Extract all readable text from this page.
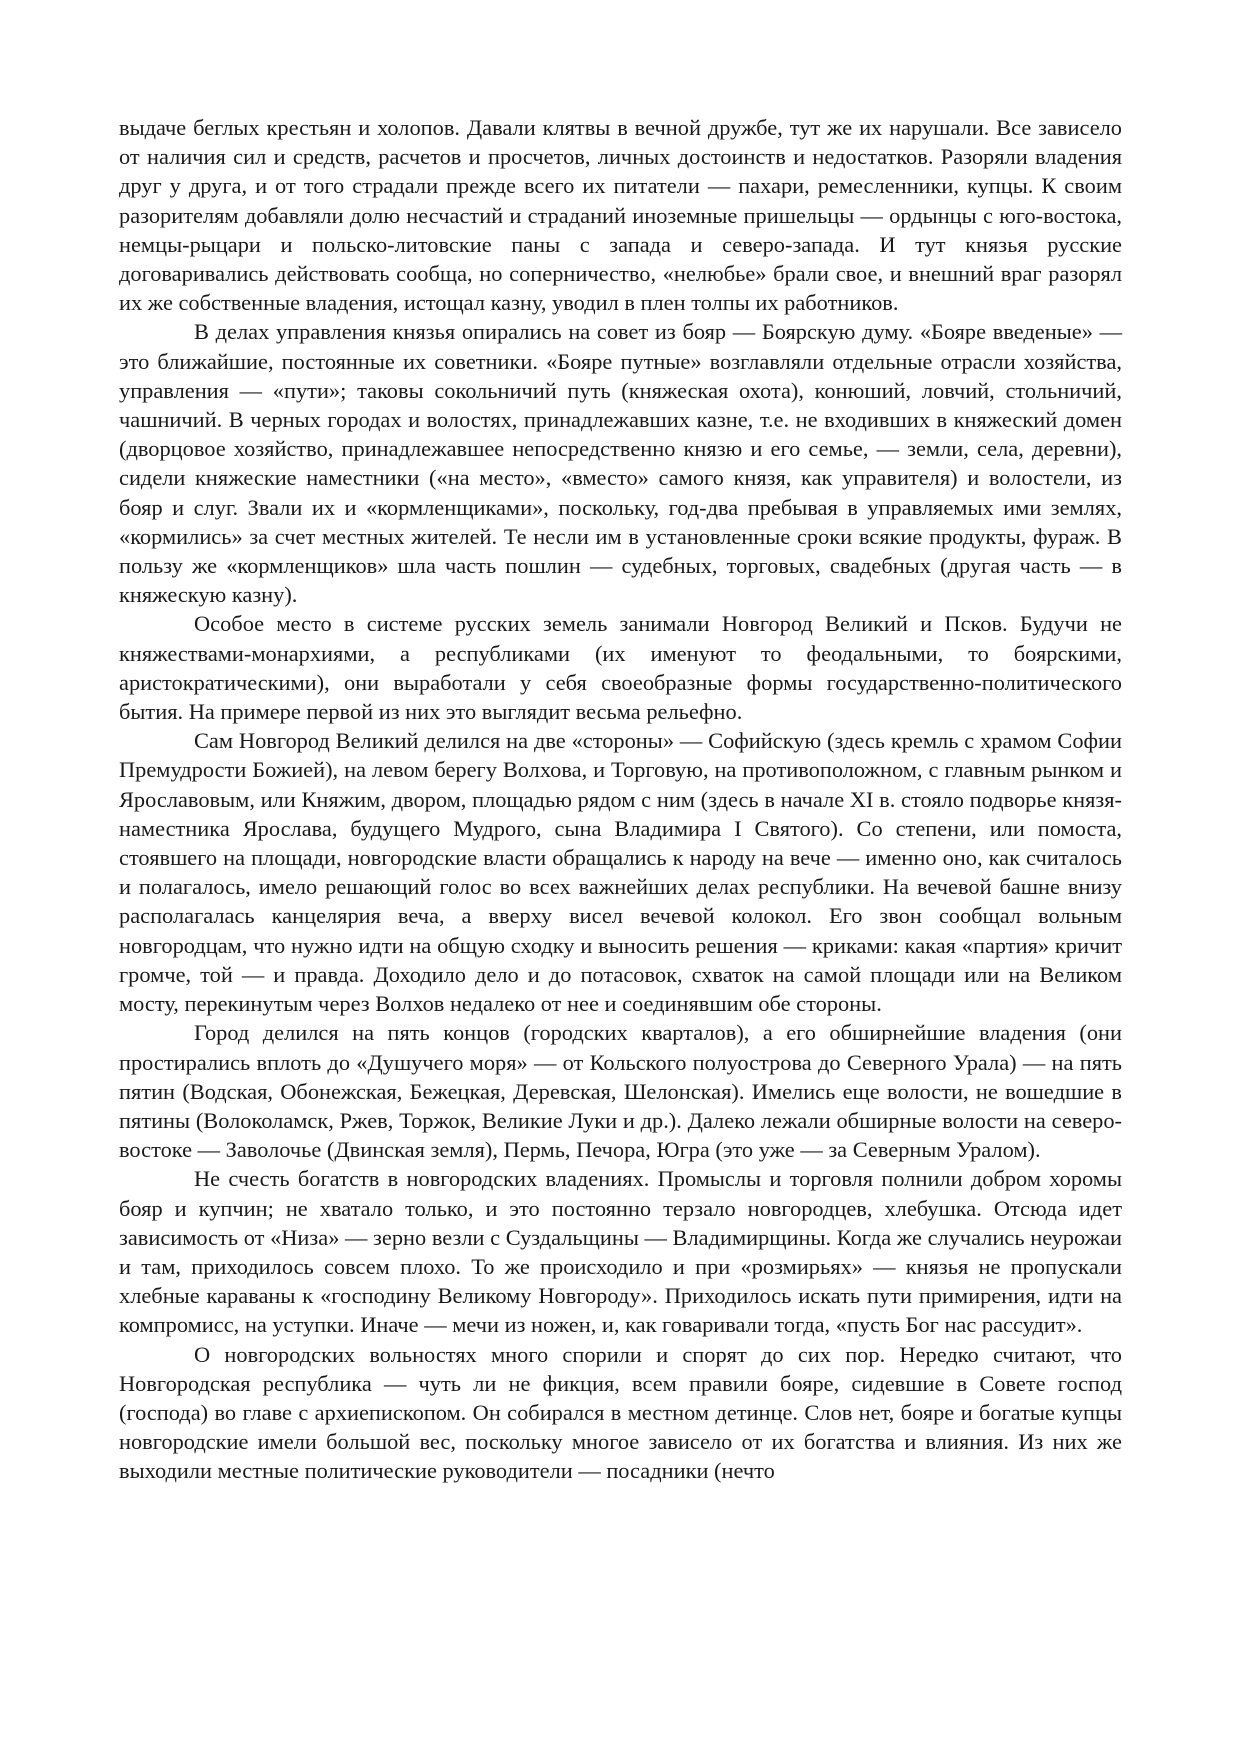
выдаче беглых крестьян и холопов. Давали клятвы в вечной дружбе, тут же их нарушали. Все зависело от наличия сил и средств, расчетов и просчетов, личных достоинств и недостатков. Разоряли владения друг у друга, и от того страдали прежде всего их питатели — пахари, ремесленники, купцы. К своим разорителям добавляли долю несчастий и страданий иноземные пришельцы — ордынцы с юго-востока, немцы-рыцари и польско-литовские паны с запада и северо-запада. И тут князья русские договаривались действовать сообща, но соперничество, «нелюбье» брали свое, и внешний враг разорял их же собственные владения, истощал казну, уводил в плен толпы их работников.

В делах управления князья опирались на совет из бояр — Боярскую думу. «Бояре введеные» — это ближайшие, постоянные их советники. «Бояре путные» возглавляли отдельные отрасли хозяйства, управления — «пути»; таковы сокольничий путь (княжеская охота), конюший, ловчий, стольничий, чашничий. В черных городах и волостях, принадлежавших казне, т.е. не входивших в княжеский домен (дворцовое хозяйство, принадлежавшее непосредственно князю и его семье, — земли, села, деревни), сидели княжеские наместники («на место», «вместо» самого князя, как управителя) и волостели, из бояр и слуг. Звали их и «кормленщиками», поскольку, год-два пребывая в управляемых ими землях, «кормились» за счет местных жителей. Те несли им в установленные сроки всякие продукты, фураж. В пользу же «кормленщиков» шла часть пошлин — судебных, торговых, свадебных (другая часть — в княжескую казну).

Особое место в системе русских земель занимали Новгород Великий и Псков. Будучи не княжествами-монархиями, а республиками (их именуют то феодальными, то боярскими, аристократическими), они выработали у себя своеобразные формы государственно-политического бытия. На примере первой из них это выглядит весьма рельефно.

Сам Новгород Великий делился на две «стороны» — Софийскую (здесь кремль с храмом Софии Премудрости Божией), на левом берегу Волхова, и Торговую, на противоположном, с главным рынком и Ярославовым, или Княжим, двором, площадью рядом с ним (здесь в начале XI в. стояло подворье князя-наместника Ярослава, будущего Мудрого, сына Владимира I Святого). Со степени, или помоста, стоявшего на площади, новгородские власти обращались к народу на вече — именно оно, как считалось и полагалось, имело решающий голос во всех важнейших делах республики. На вечевой башне внизу располагалась канцелярия веча, а вверху висел вечевой колокол. Его звон сообщал вольным новгородцам, что нужно идти на общую сходку и выносить решения — криками: какая «партия» кричит громче, той — и правда. Доходило дело и до потасовок, схваток на самой площади или на Великом мосту, перекинутым через Волхов недалеко от нее и соединявшим обе стороны.

Город делился на пять концов (городских кварталов), а его обширнейшие владения (они простирались вплоть до «Душучего моря» — от Кольского полуострова до Северного Урала) — на пять пятин (Водская, Обонежская, Бежецкая, Деревская, Шелонская). Имелись еще волости, не вошедшие в пятины (Волоколамск, Ржев, Торжок, Великие Луки и др.). Далеко лежали обширные волости на северо-востоке — Заволочье (Двинская земля), Пермь, Печора, Югра (это уже — за Северным Уралом).

Не счесть богатств в новгородских владениях. Промыслы и торговля полнили добром хоромы бояр и купчин; не хватало только, и это постоянно терзало новгородцев, хлебушка. Отсюда идет зависимость от «Низа» — зерно везли с Суздальщины — Владимирщины. Когда же случались неурожаи и там, приходилось совсем плохо. То же происходило и при «розмирьях» — князья не пропускали хлебные караваны к «господину Великому Новгороду». Приходилось искать пути примирения, идти на компромисс, на уступки. Иначе — мечи из ножен, и, как говаривали тогда, «пусть Бог нас рассудит».

О новгородских вольностях много спорили и спорят до сих пор. Нередко считают, что Новгородская республика — чуть ли не фикция, всем правили бояре, сидевшие в Совете господ (господа) во главе с архиепископом. Он собирался в местном детинце. Слов нет, бояре и богатые купцы новгородские имели большой вес, поскольку многое зависело от их богатства и влияния. Из них же выходили местные политические руководители — посадники (нечто
